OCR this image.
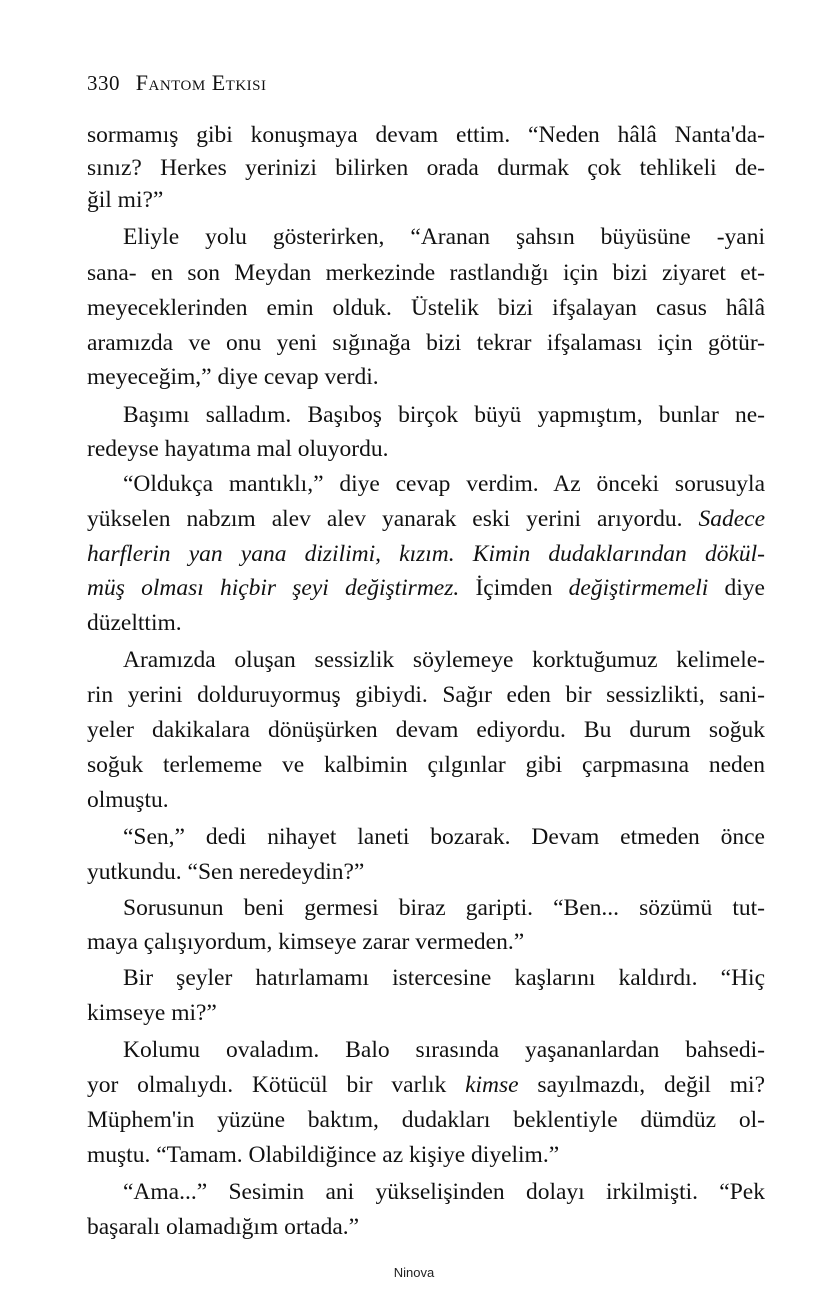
330 Fantom Etkisi
sormamış gibi konuşmaya devam ettim. “Neden hâlâ Nanta'da-
sınız? Herkes yerinizi bilirken orada durmak çok tehlikeli de-
ğil mi?”
Eliyle yolu gösterirken, “Aranan şahsın büyüsüne -yani
sana- en son Meydan merkezinde rastlandığı için bizi ziyaret et-
meyeceklerinden emin olduk. Üstelik bizi ifşalayan casus hâlâ
aramızda ve onu yeni sığınağa bizi tekrar ifşalaması için götür-
meyeceğim,” diye cevap verdi.
Başımı salladım. Başıboş birçok büyü yapmıştım, bunlar ne-
redeyse hayatıma mal oluyordu.
“Oldukça mantıklı,” diye cevap verdim. Az önceki sorusuyla
yükselen nabzım alev alev yanarak eski yerini arıyordu. Sadece
harflerin yan yana dizilimi, kızım. Kimin dudaklarından dökül-
müş olması hiçbir şeyi değiştirmez. İçimden değiştirmemeli diye
düzelttim.
Aramızda oluşan sessizlik söylemeye korktuğumuz kelimele-
rin yerini dolduruyormuş gibiydi. Sağır eden bir sessizlikti, sani-
yeler dakikalara dönüşürken devam ediyordu. Bu durum soğuk
soğuk terlememe ve kalbimin çılgınlar gibi çarpmasına neden
olmuştu.
“Sen,” dedi nihayet laneti bozarak. Devam etmeden önce
yutkundu. “Sen neredeydin?”
Sorusunun beni germesi biraz garipti. “Ben... sözümü tut-
maya çalışıyordum, kimseye zarar vermeden.”
Bir şeyler hatırlamamı istercesine kaşlarını kaldırdı. “Hiç
kimseye mi?”
Kolumu ovaladım. Balo sırasında yaşananlardan bahsedi-
yor olmalıydı. Kötücül bir varlık kimse sayılmazdı, değil mi?
Müphem'in yüzüne baktım, dudakları beklentiyle dümdüz ol-
muştu. “Tamam. Olabildiğince az kişiye diyelim.”
“Ama...” Sesimin ani yükselişinden dolayı irkilmişti. “Pek
başaralı olamadığım ortada.”
Ninova
